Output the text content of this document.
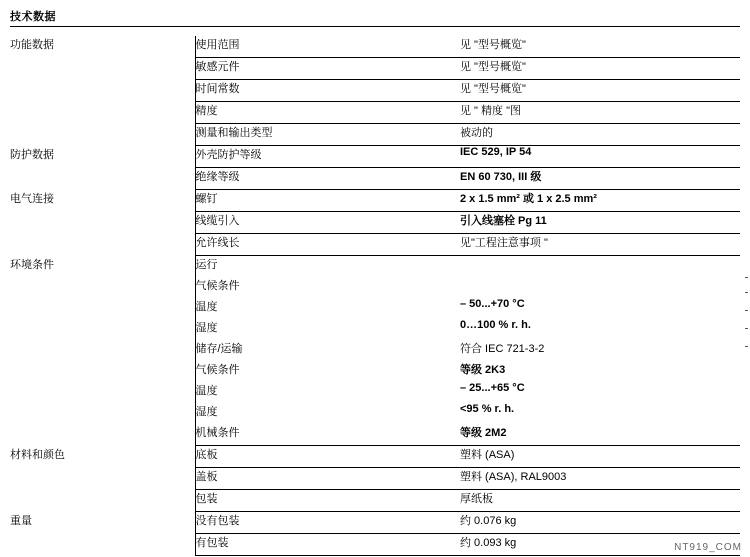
技术数据
功能数据	使用范围	见 "型号概览"
	敏感元件	见 "型号概览"
	时间常数	见 "型号概览"
	精度	见 " 精度 "图
	测量和输出类型	被动的
防护数据	外壳防护等级	IEC 529, IP 54
	绝缘等级	EN 60 730, III 级
电气连接	螺钉	2 x 1.5 mm² 或 1 x 2.5 mm²
	线缆引入	引入线塞栓 Pg 11
	允许线长	见"工程注意事项 "
环境条件	运行	
	气候条件	
	温度	– 50...+70 °C
	湿度	0…100 % r. h.
	储存/运输	符合 IEC 721-3-2
	气候条件	等级 2K3
	温度	– 25...+65 °C
	湿度	<95 % r. h.
	机械条件	等级 2M2
材料和颜色	底板	塑料 (ASA)
	盖板	塑料 (ASA), RAL9003
	包装	厚纸板
重量	没有包装	约 0.076 kg
	有包装	约 0.093 kg	NT919_COM
